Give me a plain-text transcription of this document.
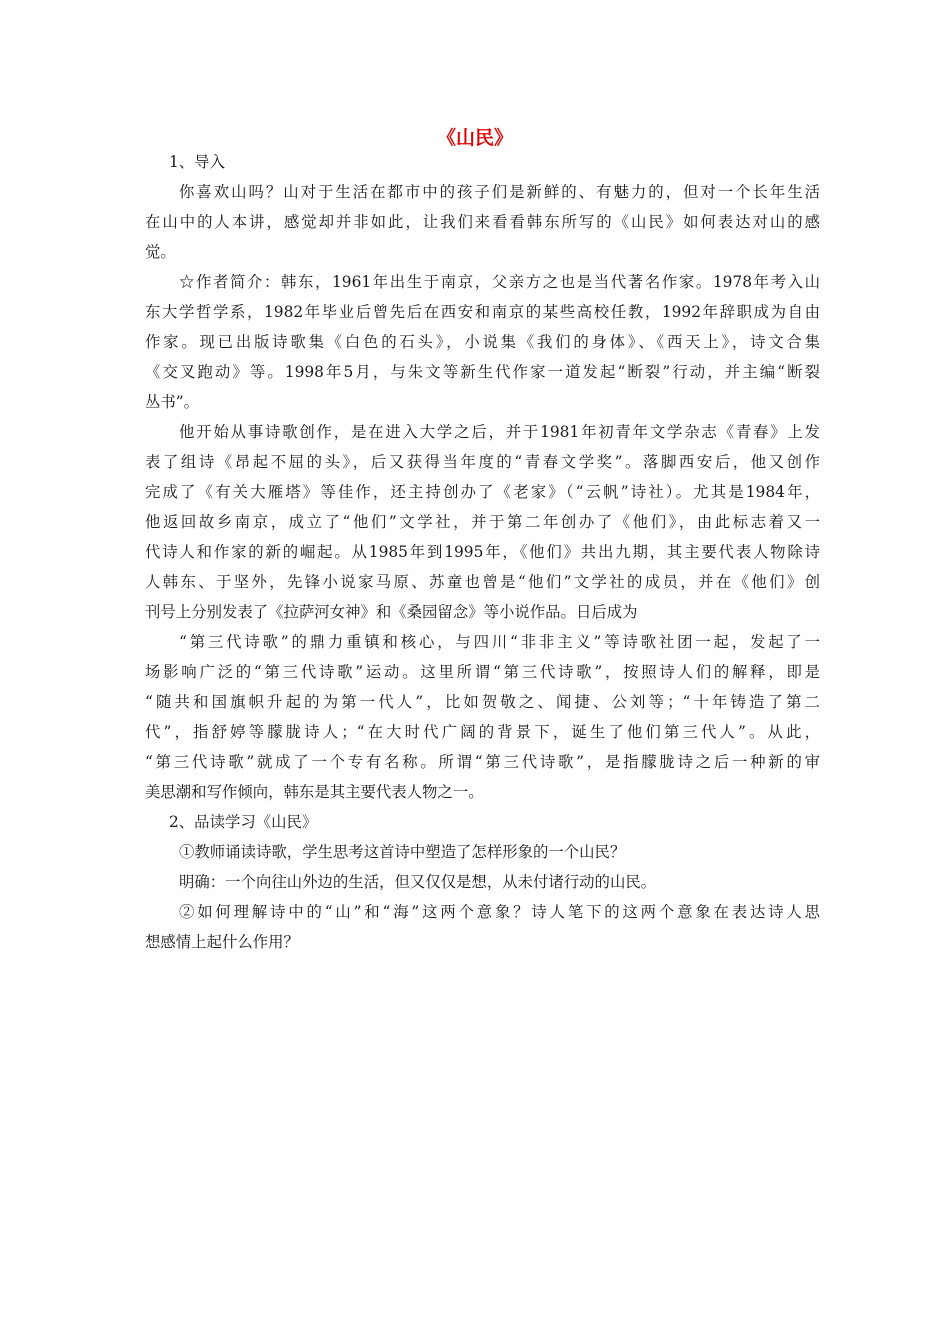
《山民》
1、导入
你喜欢山吗？山对于生活在都市中的孩子们是新鲜的、有魅力的，但对一个长年生活
在山中的人本讲，感觉却并非如此，让我们来看看韩东所写的《山民》如何表达对山的感
觉。
☆作者简介：韩东，1961年出生于南京，父亲方之也是当代著名作家。1978年考入山
东大学哲学系，1982年毕业后曾先后在西安和南京的某些高校任教，1992年辞职成为自由
作家。现已出版诗歌集《白色的石头》，小说集《我们的身体》、《西天上》，诗文合集
《交叉跑动》等。1998年5月，与朱文等新生代作家一道发起“断裂”行动，并主编“断裂
丛书”。
他开始从事诗歌创作，是在进入大学之后，并于1981年初青年文学杂志《青春》上发
表了组诗《昂起不屈的头》，后又获得当年度的“青春文学奖”。落脚西安后，他又创作
完成了《有关大雁塔》等佳作，还主持创办了《老家》（“云帆”诗社）。尤其是1984年，
他返回故乡南京，成立了“他们”文学社，并于第二年创办了《他们》，由此标志着又一
代诗人和作家的新的崛起。从1985年到1995年，《他们》共出九期，其主要代表人物除诗
人韩东、于坚外，先锋小说家马原、苏童也曾是“他们”文学社的成员，并在《他们》创
刊号上分别发表了《拉萨河女神》和《桑园留念》等小说作品。日后成为
“第三代诗歌”的鼎力重镇和核心，与四川“非非主义”等诗歌社团一起，发起了一
场影响广泛的“第三代诗歌”运动。这里所谓“第三代诗歌”，按照诗人们的解释，即是
“随共和国旗帜升起的为第一代人”，比如贺敬之、闻捷、公刘等；“十年铸造了第二
代”，指舒婷等朦胧诗人；“在大时代广阔的背景下，诞生了他们第三代人”。从此，
“第三代诗歌”就成了一个专有名称。所谓“第三代诗歌”，是指朦胧诗之后一种新的审
美思潮和写作倾向，韩东是其主要代表人物之一。
2、品读学习《山民》
①教师诵读诗歌，学生思考这首诗中塑造了怎样形象的一个山民？
明确：一个向往山外边的生活，但又仅仅是想，从未付诸行动的山民。
②如何理解诗中的“山”和“海”这两个意象？诗人笔下的这两个意象在表达诗人思
想感情上起什么作用？
